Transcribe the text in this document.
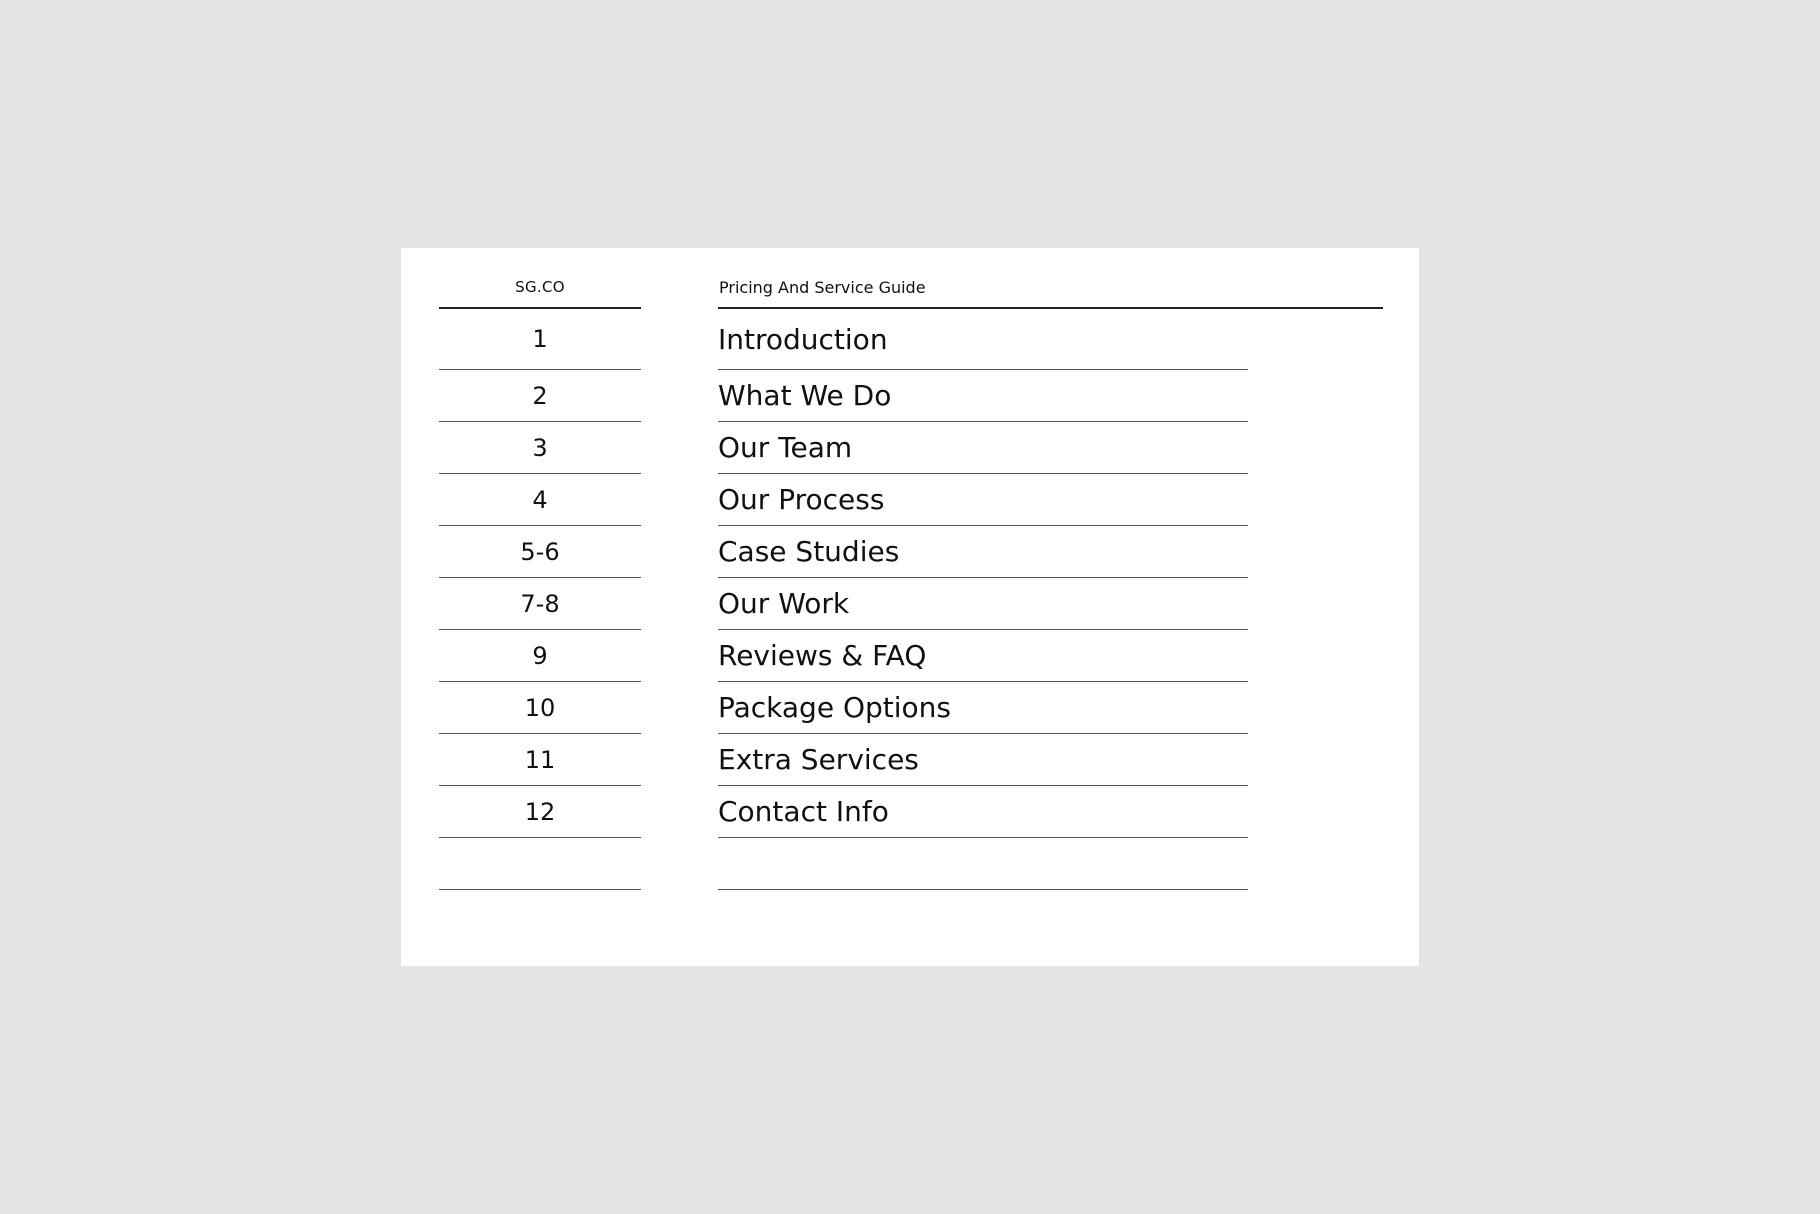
SG.CO	Pricing And Service Guide
1	Introduction
2	What We Do
3	Our Team
4	Our Process
5-6	Case Studies
7-8	Our Work
9	Reviews & FAQ
10	Package Options
11	Extra Services
12	Contact Info
